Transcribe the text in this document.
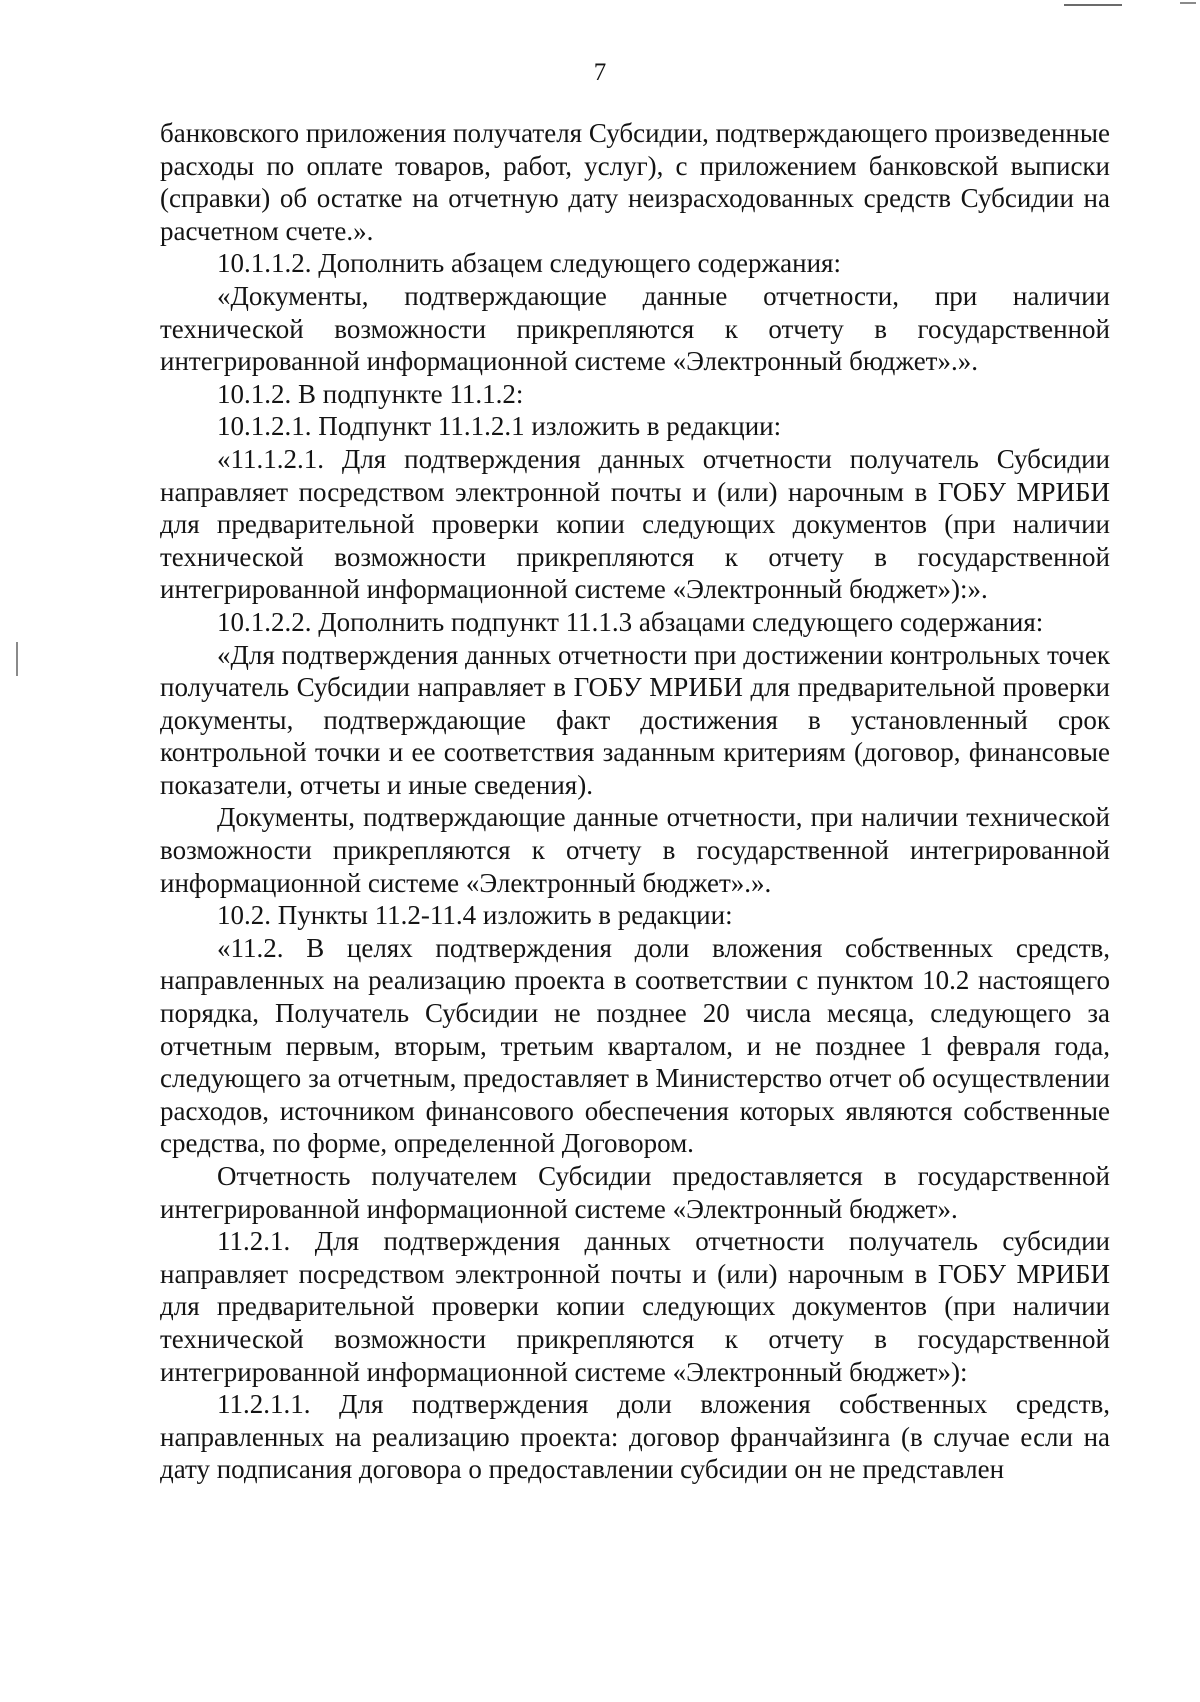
7

банковского приложения получателя Субсидии, подтверждающего произведенные расходы по оплате товаров, работ, услуг), с приложением банковской выписки (справки) об остатке на отчетную дату неизрасходованных средств Субсидии на расчетном счете.».

10.1.1.2. Дополнить абзацем следующего содержания:

«Документы, подтверждающие данные отчетности, при наличии технической возможности прикрепляются к отчету в государственной интегрированной информационной системе «Электронный бюджет».».

10.1.2. В подпункте 11.1.2:

10.1.2.1. Подпункт 11.1.2.1 изложить в редакции:

«11.1.2.1. Для подтверждения данных отчетности получатель Субсидии направляет посредством электронной почты и (или) нарочным в ГОБУ МРИБИ для предварительной проверки копии следующих документов (при наличии технической возможности прикрепляются к отчету в государственной интегрированной информационной системе «Электронный бюджет»):».

10.1.2.2. Дополнить подпункт 11.1.3 абзацами следующего содержания:

«Для подтверждения данных отчетности при достижении контрольных точек получатель Субсидии направляет в ГОБУ МРИБИ для предварительной проверки документы, подтверждающие факт достижения в установленный срок контрольной точки и ее соответствия заданным критериям (договор, финансовые показатели, отчеты и иные сведения).

Документы, подтверждающие данные отчетности, при наличии технической возможности прикрепляются к отчету в государственной интегрированной информационной системе «Электронный бюджет».».

10.2. Пункты 11.2-11.4 изложить в редакции:

«11.2. В целях подтверждения доли вложения собственных средств, направленных на реализацию проекта в соответствии с пунктом 10.2 настоящего порядка, Получатель Субсидии не позднее 20 числа месяца, следующего за отчетным первым, вторым, третьим кварталом, и не позднее 1 февраля года, следующего за отчетным, предоставляет в Министерство отчет об осуществлении расходов, источником финансового обеспечения которых являются собственные средства, по форме, определенной Договором.

Отчетность получателем Субсидии предоставляется в государственной интегрированной информационной системе «Электронный бюджет».

11.2.1. Для подтверждения данных отчетности получатель субсидии направляет посредством электронной почты и (или) нарочным в ГОБУ МРИБИ для предварительной проверки копии следующих документов (при наличии технической возможности прикрепляются к отчету в государственной интегрированной информационной системе «Электронный бюджет»):

11.2.1.1. Для подтверждения доли вложения собственных средств, направленных на реализацию проекта: договор франчайзинга (в случае если на дату подписания договора о предоставлении субсидии он не представлен
